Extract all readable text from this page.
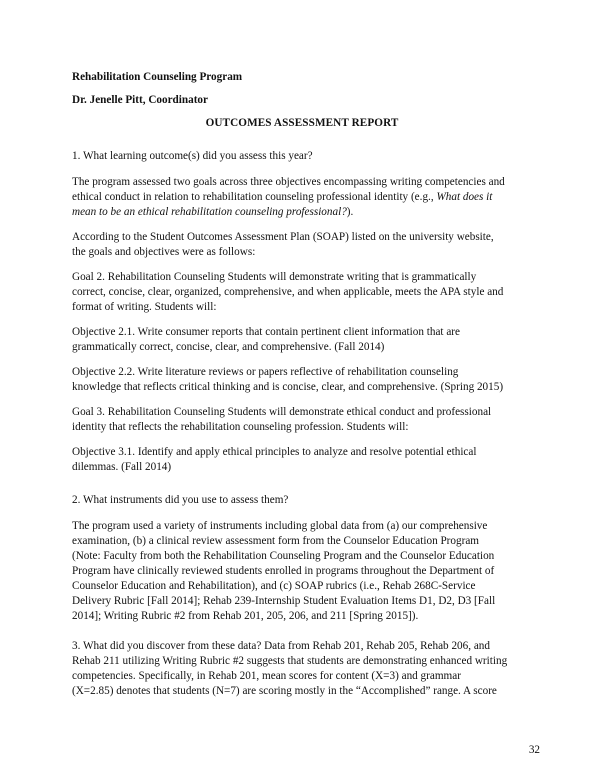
Rehabilitation Counseling Program

Dr. Jenelle Pitt, Coordinator

OUTCOMES ASSESSMENT REPORT

1. What learning outcome(s) did you assess this year?

The program assessed two goals across three objectives encompassing writing competencies and
ethical conduct in relation to rehabilitation counseling professional identity (e.g., What does it
mean to be an ethical rehabilitation counseling professional?).

According to the Student Outcomes Assessment Plan (SOAP) listed on the university website,
the goals and objectives were as follows:

Goal 2. Rehabilitation Counseling Students will demonstrate writing that is grammatically
correct, concise, clear, organized, comprehensive, and when applicable, meets the APA style and
format of writing. Students will:

Objective 2.1. Write consumer reports that contain pertinent client information that are
grammatically correct, concise, clear, and comprehensive. (Fall 2014)

Objective 2.2. Write literature reviews or papers reflective of rehabilitation counseling
knowledge that reflects critical thinking and is concise, clear, and comprehensive. (Spring 2015)

Goal 3. Rehabilitation Counseling Students will demonstrate ethical conduct and professional
identity that reflects the rehabilitation counseling profession. Students will:

Objective 3.1. Identify and apply ethical principles to analyze and resolve potential ethical
dilemmas. (Fall 2014)

2. What instruments did you use to assess them?

The program used a variety of instruments including global data from (a) our comprehensive
examination, (b) a clinical review assessment form from the Counselor Education Program
(Note: Faculty from both the Rehabilitation Counseling Program and the Counselor Education
Program have clinically reviewed students enrolled in programs throughout the Department of
Counselor Education and Rehabilitation), and (c) SOAP rubrics (i.e., Rehab 268C-Service
Delivery Rubric [Fall 2014]; Rehab 239-Internship Student Evaluation Items D1, D2, D3 [Fall
2014]; Writing Rubric #2 from Rehab 201, 205, 206, and 211 [Spring 2015]).

3. What did you discover from these data? Data from Rehab 201, Rehab 205, Rehab 206, and
Rehab 211 utilizing Writing Rubric #2 suggests that students are demonstrating enhanced writing
competencies. Specifically, in Rehab 201, mean scores for content (X=3) and grammar
(X=2.85) denotes that students (N=7) are scoring mostly in the “Accomplished” range. A score

32
